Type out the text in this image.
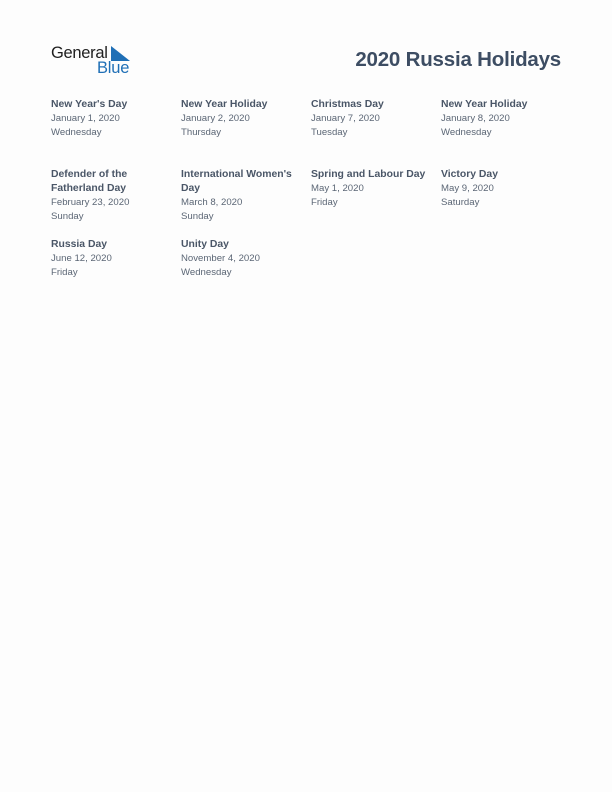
General
Blue	2020 Russia Holidays
New Year's Day
January 1, 2020
Wednesday
New Year Holiday
January 2, 2020
Thursday
Christmas Day
January 7, 2020
Tuesday
New Year Holiday
January 8, 2020
Wednesday
Defender of the Fatherland Day
February 23, 2020
Sunday
International Women's Day
March 8, 2020
Sunday
Spring and Labour Day
May 1, 2020
Friday
Victory Day
May 9, 2020
Saturday
Russia Day
June 12, 2020
Friday
Unity Day
November 4, 2020
Wednesday
